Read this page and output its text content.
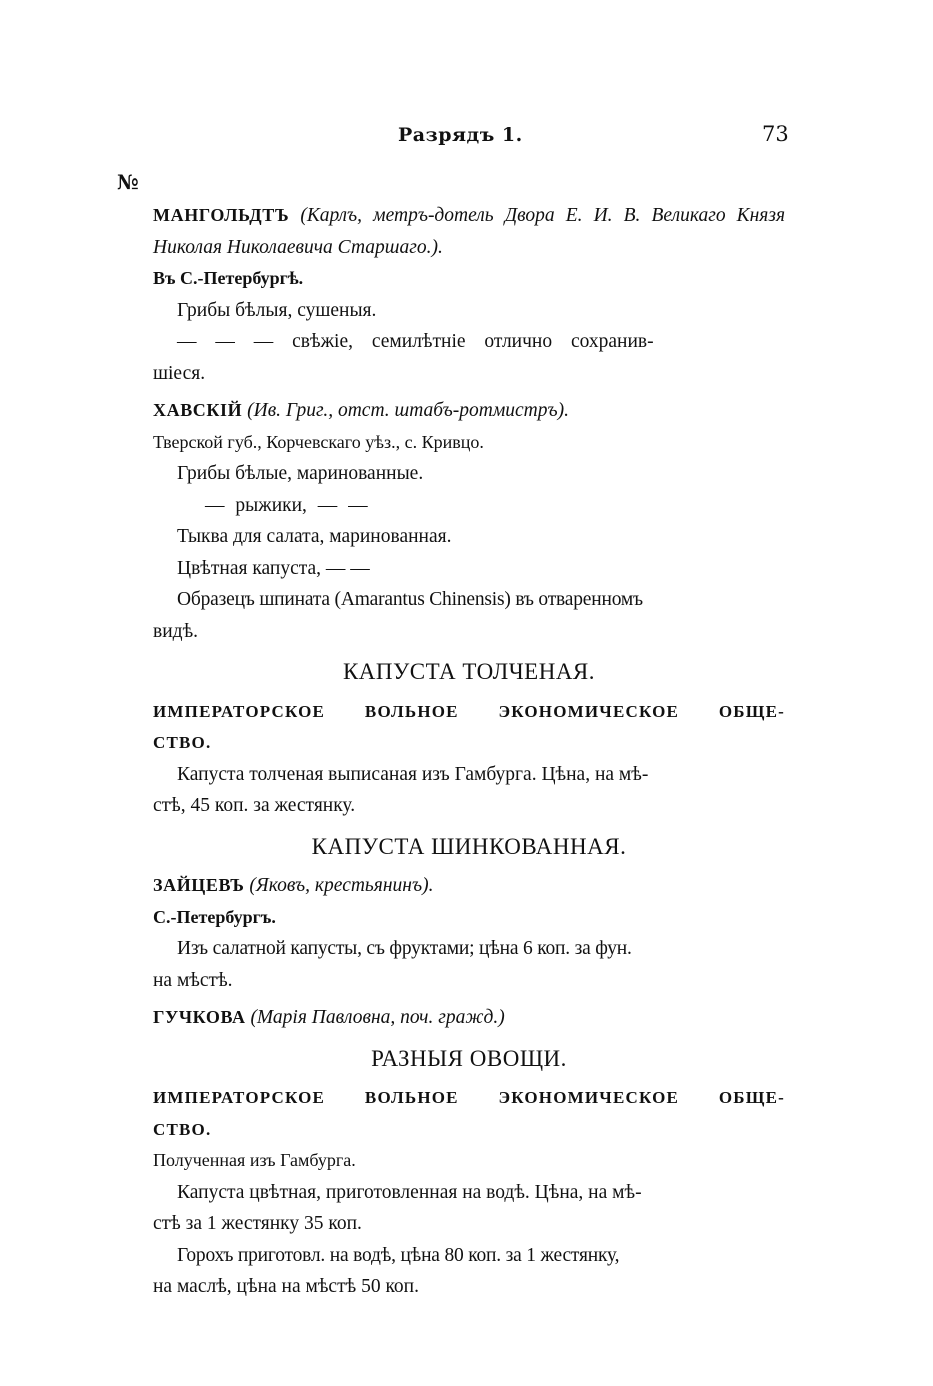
Разрядъ 1.	73
№

МАНГОЛЬДТЪ (Карлъ, метръ-дотель Двора Е. И. В. Великаго Князя Николая Николаевича Старшаго.).

Въ С.-Петербургѣ.

Грибы бѣлыя, сушеныя.

— — — свѣжіе, семилѣтніе отлично сохранив-

шіеся.

ХАВСКІЙ (Ив. Григ., отст. штабъ-ротмистръ).

Тверской губ., Корчевскаго уѣз., с. Кривцо.

Грибы бѣлые, маринованные.

— рыжики, — —

Тыква для салата, маринованная.

Цвѣтная капуста, — —

Образецъ шпината (Amarantus Chinensis) въ отваренномъ

видѣ.

КАПУСТА ТОЛЧЕНАЯ.

ИМПЕРАТОРСКОЕ ВОЛЬНОЕ ЭКОНОМИЧЕСКОЕ ОБЩЕ-

СТВО.

Капуста толченая выписаная изъ Гамбурга. Цѣна, на мѣ-

стѣ, 45 коп. за жестянку.

КАПУСТА ШИНКОВАННАЯ.

ЗАЙЦЕВЪ (Яковъ, крестьянинъ).

С.-Петербургъ.

Изъ салатной капусты, съ фруктами; цѣна 6 коп. за фун.

на мѣстѣ.

ГУЧКОВА (Марія Павловна, поч. гражд.)

РАЗНЫЯ ОВОЩИ.

ИМПЕРАТОРСКОЕ ВОЛЬНОЕ ЭКОНОМИЧЕСКОЕ ОБЩЕ-

СТВО.

Полученная изъ Гамбурга.

Капуста цвѣтная, приготовленная на водѣ. Цѣна, на мѣ-

стѣ за 1 жестянку 35 коп.

Горохъ приготовл. на водѣ, цѣна 80 коп. за 1 жестянку,

на маслѣ, цѣна на мѣстѣ 50 коп.
